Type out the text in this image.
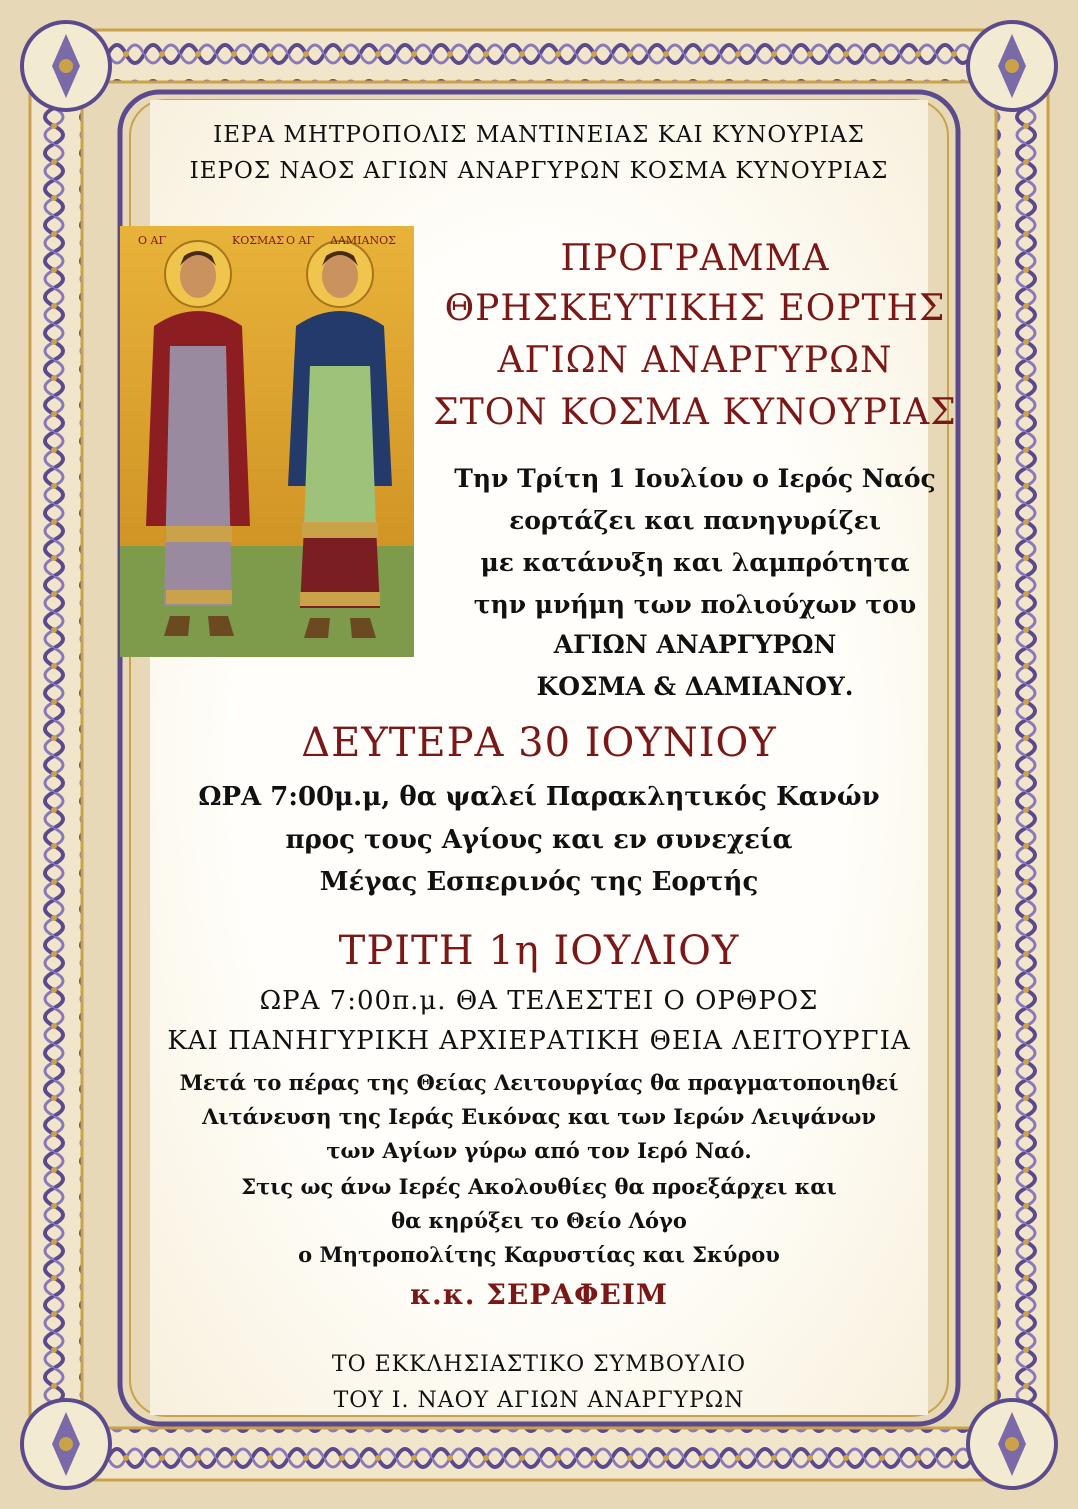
ΙΕΡΑ ΜΗΤΡΟΠΟΛΙΣ ΜΑΝΤΙΝΕΙΑΣ ΚΑΙ ΚΥΝΟΥΡΙΑΣ
ΙΕΡΟΣ ΝΑΟΣ ΑΓΙΩΝ ΑΝΑΡΓΥΡΩΝ ΚΟΣΜΑ ΚΥΝΟΥΡΙΑΣ
Ο ΑΓ	ΚΟΣΜΑΣ Ο ΑΓ ΔΑΜΙΑΝΟΣ	ΠΡΟΓΡΑΜΜΑ
ΘΡΗΣΚΕΥΤΙΚΗΣ ΕΟΡΤΗΣ
ΑΓΙΩΝ ΑΝΑΡΓΥΡΩΝ
ΣΤΟΝ ΚΟΣΜΑ ΚΥΝΟΥΡΙΑΣ
Την Τρίτη 1 Ιουλίου ο Ιερός Ναός
εορτάζει και πανηγυρίζει
με κατάνυξη και λαμπρότητα
την μνήμη των πολιούχων του
ΑΓΙΩΝ ΑΝΑΡΓΥΡΩΝ
ΚΟΣΜΑ & ΔΑΜΙΑΝΟΥ.
ΔΕΥΤΕΡΑ 30 ΙΟΥΝΙΟΥ
ΩΡΑ 7:00μ.μ, θα ψαλεί Παρακλητικός Κανών
προς τους Αγίους και εν συνεχεία
Μέγας Εσπερινός της Εορτής
ΤΡΙΤΗ 1η ΙΟΥΛΙΟΥ
ΩΡΑ 7:00π.μ. ΘΑ ΤΕΛΕΣΤΕΙ Ο ΟΡΘΡΟΣ
ΚΑΙ ΠΑΝΗΓΥΡΙΚΗ ΑΡΧΙΕΡΑΤΙΚΗ ΘΕΙΑ ΛΕΙΤΟΥΡΓΙΑ
Μετά το πέρας της Θείας Λειτουργίας θα πραγματοποιηθεί
Λιτάνευση της Ιεράς Εικόνας και των Ιερών Λειψάνων
των Αγίων γύρω από τον Ιερό Ναό.
Στις ως άνω Ιερές Ακολουθίες θα προεξάρχει και
θα κηρύξει το Θείο Λόγο
ο Μητροπολίτης Καρυστίας και Σκύρου
κ.κ. ΣΕΡΑΦΕΙΜ
ΤΟ ΕΚΚΛΗΣΙΑΣΤΙΚΟ ΣΥΜΒΟΥΛΙΟ
ΤΟΥ Ι. ΝΑΟΥ ΑΓΙΩΝ ΑΝΑΡΓΥΡΩΝ
